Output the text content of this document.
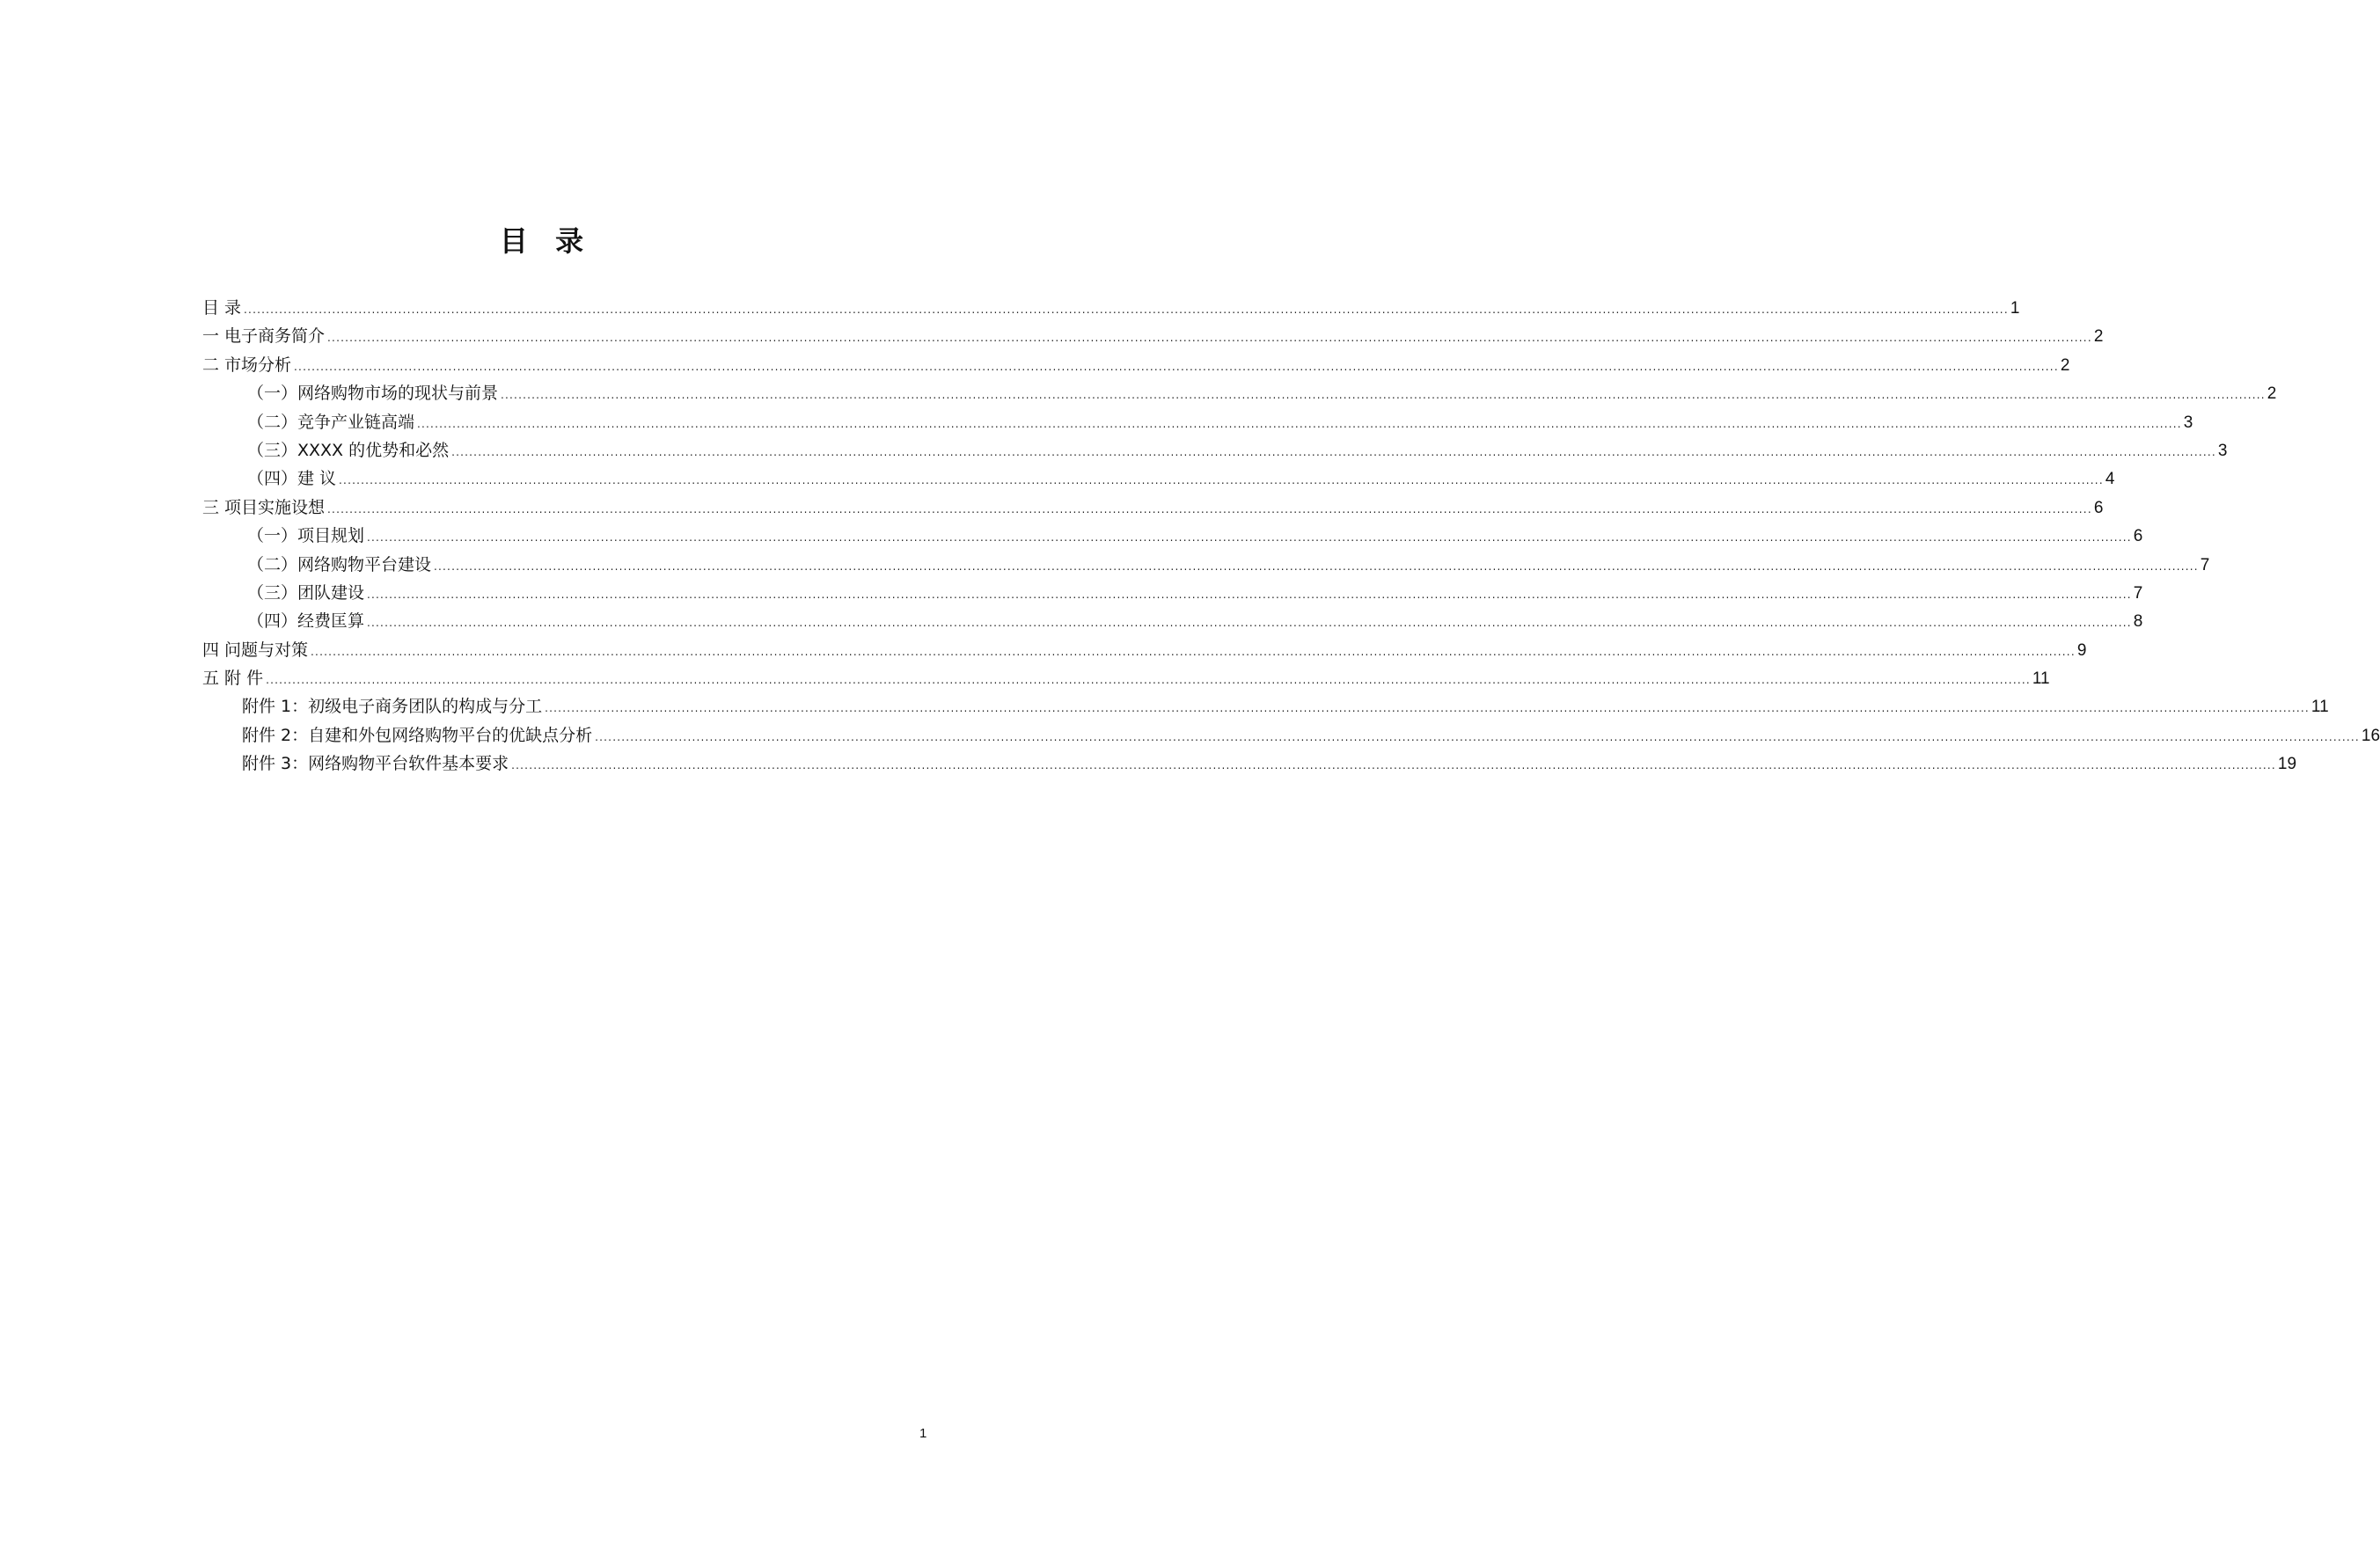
目 录
目 录 ................................................................................................................................................................................................................................................................................................................................................................................................................ 1
一 电子商务简介 ................................................................................................................................................................................................................................................................................................................................................................................................................ 2
二 市场分析 ................................................................................................................................................................................................................................................................................................................................................................................................................ 2
（一）网络购物市场的现状与前景 ................................................................................................................................................................................................................................................................................................................................................................................................................ 2
（二）竞争产业链高端 ................................................................................................................................................................................................................................................................................................................................................................................................................ 3
（三）XXXX 的优势和必然 ................................................................................................................................................................................................................................................................................................................................................................................................................ 3
（四）建 议 ................................................................................................................................................................................................................................................................................................................................................................................................................ 4
三 项目实施设想 ................................................................................................................................................................................................................................................................................................................................................................................................................ 6
（一）项目规划 ................................................................................................................................................................................................................................................................................................................................................................................................................ 6
（二）网络购物平台建设 ................................................................................................................................................................................................................................................................................................................................................................................................................ 7
（三）团队建设 ................................................................................................................................................................................................................................................................................................................................................................................................................ 7
（四）经费匡算 ................................................................................................................................................................................................................................................................................................................................................................................................................ 8
四 问题与对策 ................................................................................................................................................................................................................................................................................................................................................................................................................ 9
五 附 件 ................................................................................................................................................................................................................................................................................................................................................................................................................ 11
附件 1：初级电子商务团队的构成与分工 ................................................................................................................................................................................................................................................................................................................................................................................................................ 11
附件 2：自建和外包网络购物平台的优缺点分析 ................................................................................................................................................................................................................................................................................................................................................................................................................ 16
附件 3：网络购物平台软件基本要求 ................................................................................................................................................................................................................................................................................................................................................................................................................ 19
1
